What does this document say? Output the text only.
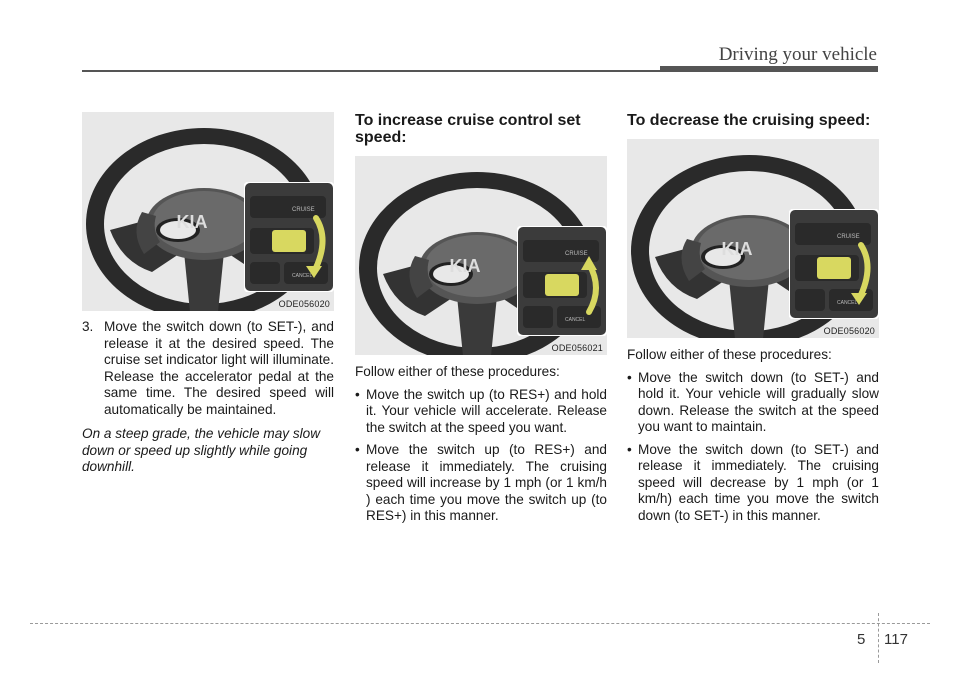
Driving your vehicle
KIA
CRUISE
CANCEL
ODE056020
3. Move the switch down (to SET-), and release it at the desired speed. The cruise set indicator light will illuminate. Release the accelerator pedal at the same time. The desired speed will automatically be maintained.

On a steep grade, the vehicle may slow down or speed up slightly while going downhill.

To increase cruise control set speed:
KIA
CRUISE
CANCEL
ODE056021

Follow either of these procedures:

• Move the switch up (to RES+) and hold it. Your vehicle will accelerate. Release the switch at the speed you want.
• Move the switch up (to RES+) and release it immediately. The cruising speed will increase by 1 mph (or 1 km/h ) each time you move the switch up (to RES+) in this manner.
To decrease the cruising speed:
KIA
CRUISE
CANCEL
ODE056020

Follow either of these procedures:

• Move the switch down (to SET-) and hold it. Your vehicle will gradually slow down. Release the switch at the speed you want to maintain.
• Move the switch down (to SET-) and release it immediately. The cruising speed will decrease by 1 mph (or 1 km/h) each time you move the switch down (to SET-) in this manner.
5 117
